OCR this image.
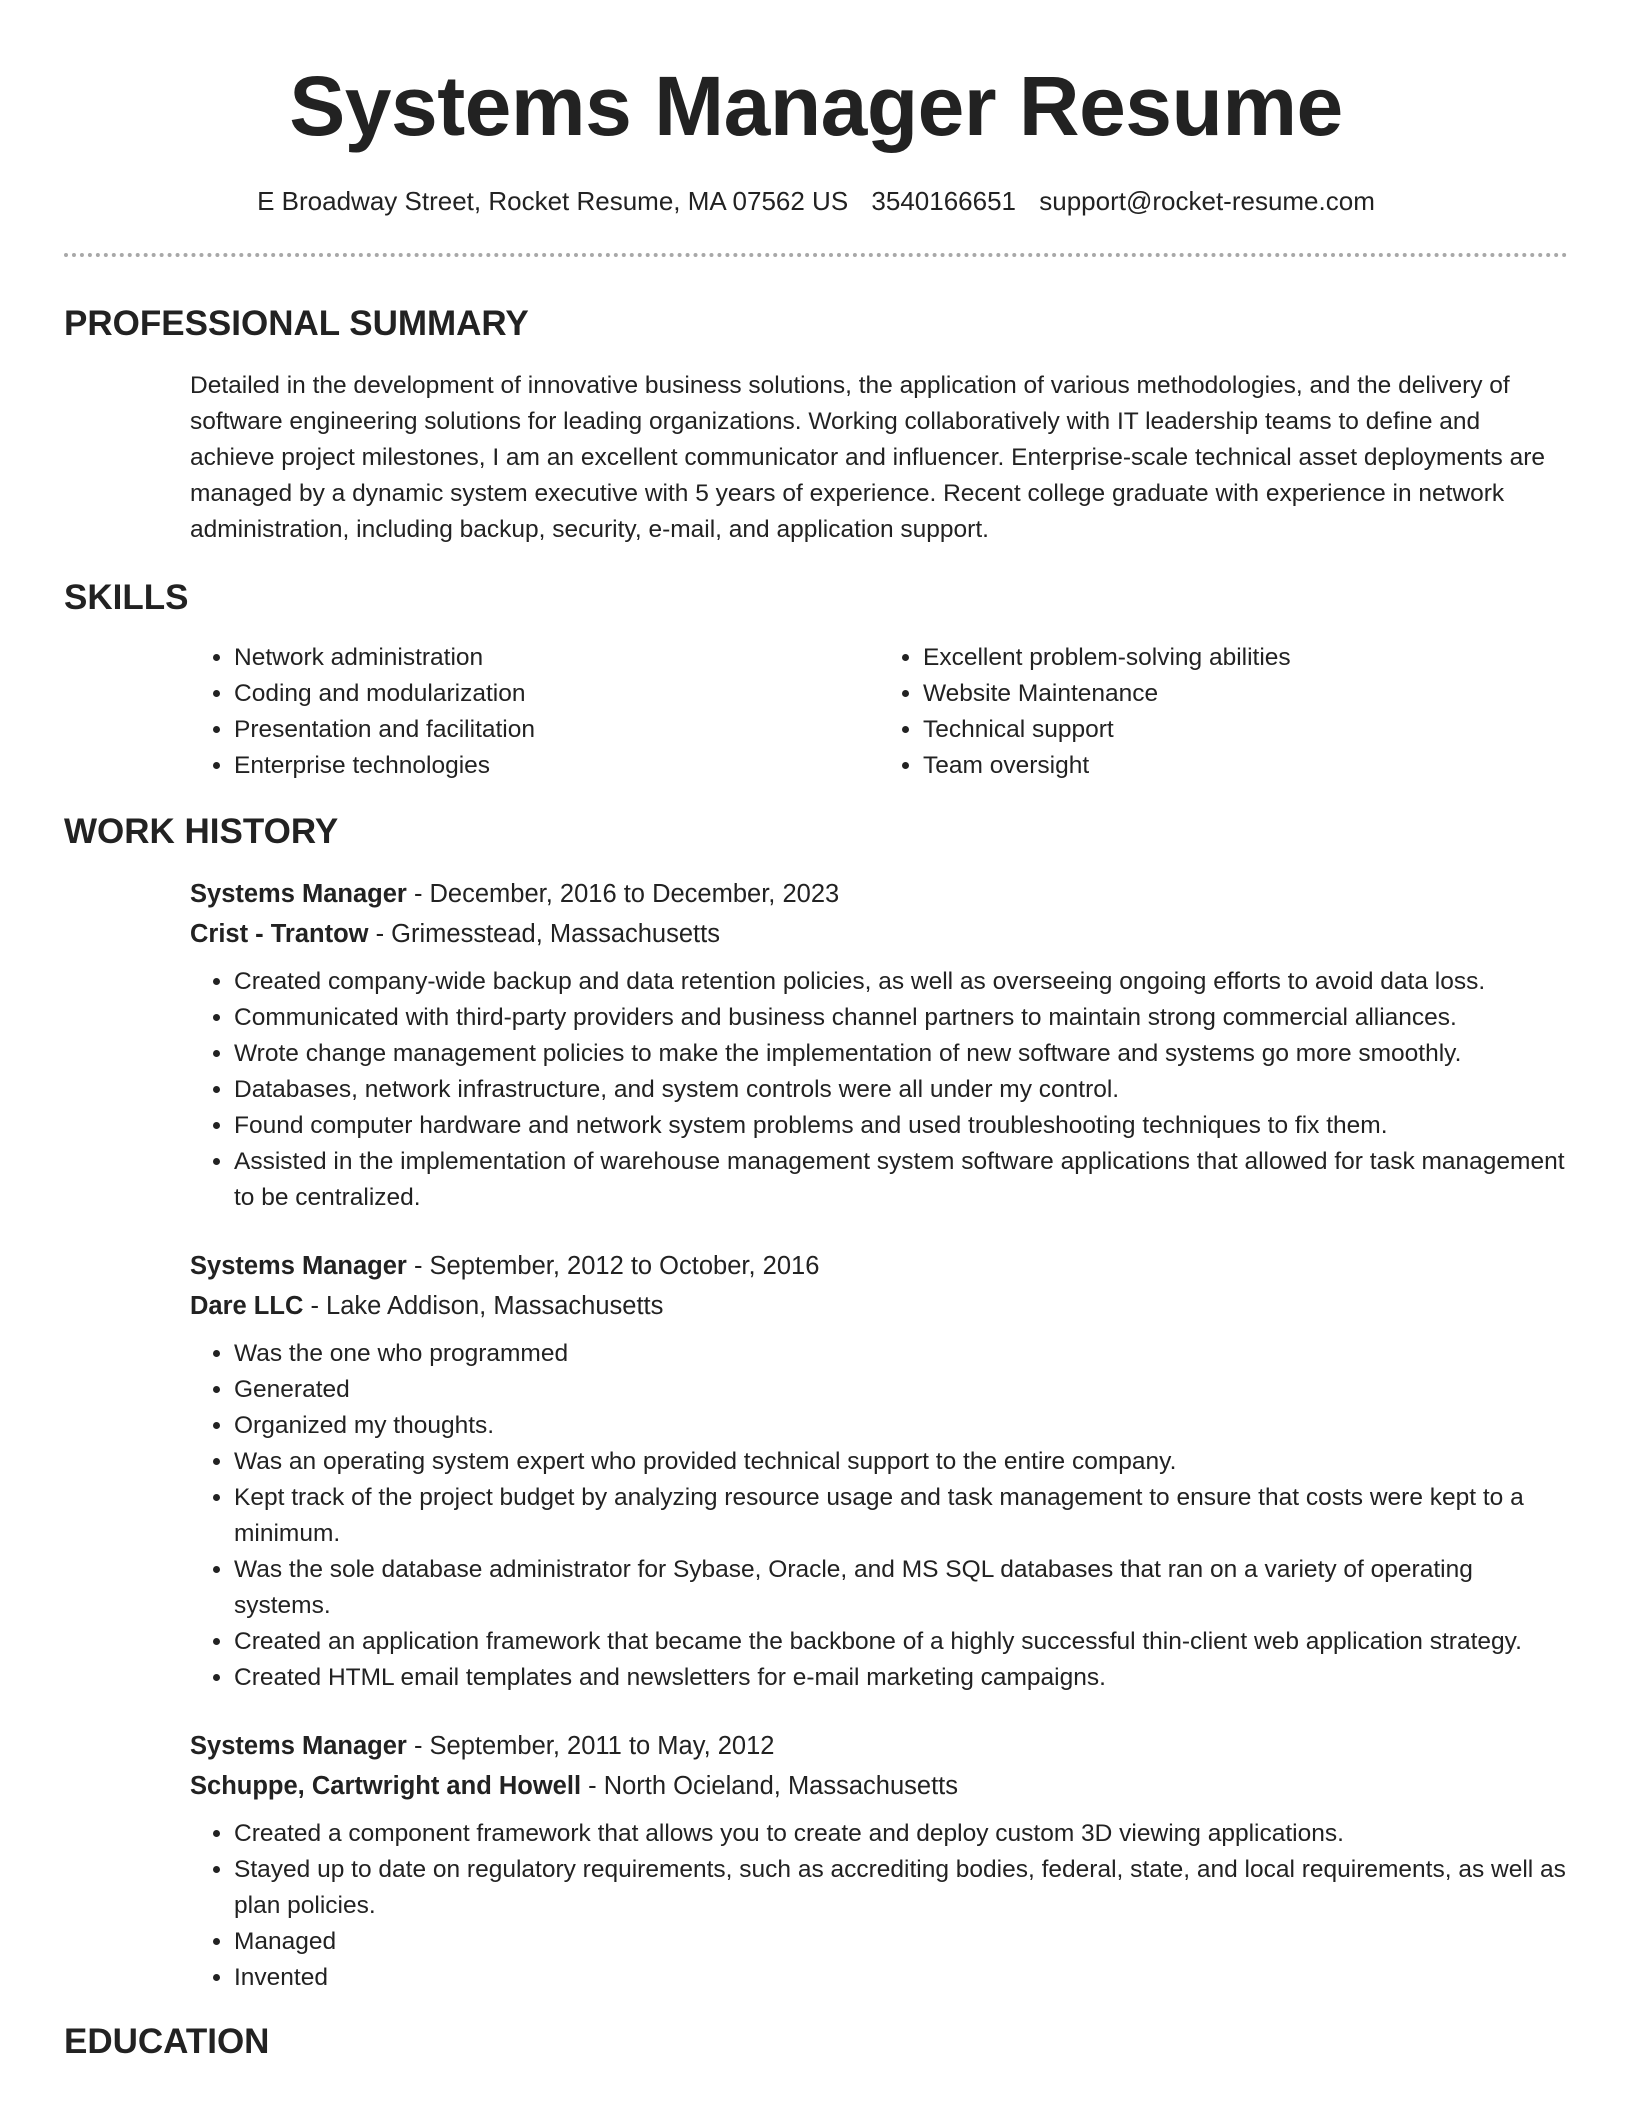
Systems Manager Resume
E Broadway Street, Rocket Resume, MA 07562 US 3540166651 support@rocket-resume.com
PROFESSIONAL SUMMARY

Detailed in the development of innovative business solutions, the application of various methodologies, and the delivery of software engineering solutions for leading organizations. Working collaboratively with IT leadership teams to define and achieve project milestones, I am an excellent communicator and influencer. Enterprise-scale technical asset deployments are managed by a dynamic system executive with 5 years of experience. Recent college graduate with experience in network administration, including backup, security, e-mail, and application support.

SKILLS
• Network administration
• Coding and modularization
• Presentation and facilitation
• Enterprise technologies
• Excellent problem-solving abilities
• Website Maintenance
• Technical support
• Team oversight
WORK HISTORY
Systems Manager - December, 2016 to December, 2023
Crist - Trantow - Grimesstead, Massachusetts
• Created company-wide backup and data retention policies, as well as overseeing ongoing efforts to avoid data loss.
• Communicated with third-party providers and business channel partners to maintain strong commercial alliances.
• Wrote change management policies to make the implementation of new software and systems go more smoothly.
• Databases, network infrastructure, and system controls were all under my control.
• Found computer hardware and network system problems and used troubleshooting techniques to fix them.
• Assisted in the implementation of warehouse management system software applications that allowed for task management to be centralized.
Systems Manager - September, 2012 to October, 2016
Dare LLC - Lake Addison, Massachusetts
• Was the one who programmed
• Generated
• Organized my thoughts.
• Was an operating system expert who provided technical support to the entire company.
• Kept track of the project budget by analyzing resource usage and task management to ensure that costs were kept to a minimum.
• Was the sole database administrator for Sybase, Oracle, and MS SQL databases that ran on a variety of operating systems.
• Created an application framework that became the backbone of a highly successful thin-client web application strategy.
• Created HTML email templates and newsletters for e-mail marketing campaigns.
Systems Manager - September, 2011 to May, 2012
Schuppe, Cartwright and Howell - North Ocieland, Massachusetts
• Created a component framework that allows you to create and deploy custom 3D viewing applications.
• Stayed up to date on regulatory requirements, such as accrediting bodies, federal, state, and local requirements, as well as plan policies.
• Managed
• Invented
EDUCATION
